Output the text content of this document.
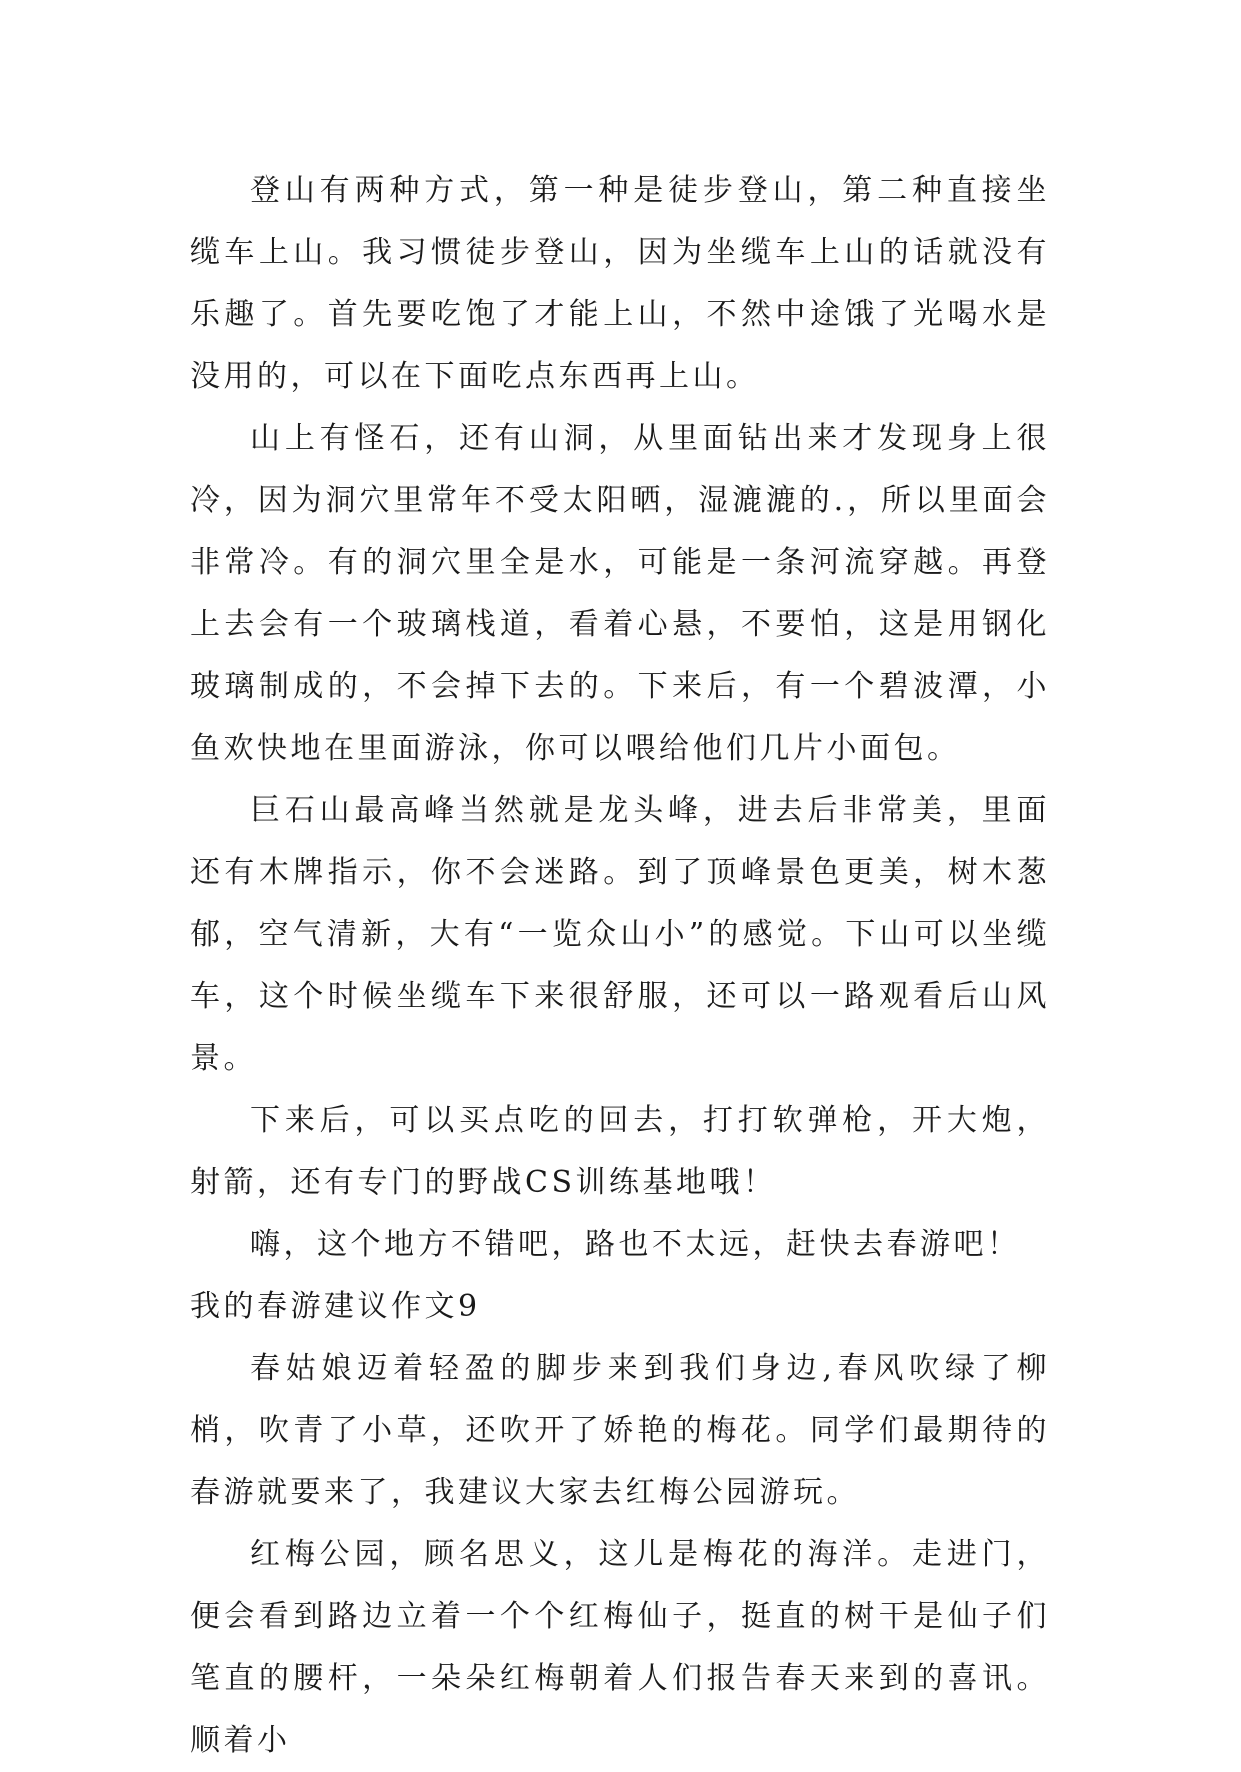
登山有两种方式，第一种是徒步登山，第二种直接坐缆车上山。我习惯徒步登山，因为坐缆车上山的话就没有乐趣了。首先要吃饱了才能上山，不然中途饿了光喝水是没用的，可以在下面吃点东西再上山。

山上有怪石，还有山洞，从里面钻出来才发现身上很冷，因为洞穴里常年不受太阳晒，湿漉漉的.，所以里面会非常冷。有的洞穴里全是水，可能是一条河流穿越。再登上去会有一个玻璃栈道，看着心悬，不要怕，这是用钢化玻璃制成的，不会掉下去的。下来后，有一个碧波潭，小鱼欢快地在里面游泳，你可以喂给他们几片小面包。

巨石山最高峰当然就是龙头峰，进去后非常美，里面还有木牌指示，你不会迷路。到了顶峰景色更美，树木葱郁，空气清新，大有“一览众山小”的感觉。下山可以坐缆车，这个时候坐缆车下来很舒服，还可以一路观看后山风景。

下来后，可以买点吃的回去，打打软弹枪，开大炮，射箭，还有专门的野战CS训练基地哦！

嗨，这个地方不错吧，路也不太远，赶快去春游吧！

我的春游建议作文9

春姑娘迈着轻盈的脚步来到我们身边,春风吹绿了柳梢，吹青了小草，还吹开了娇艳的梅花。同学们最期待的春游就要来了，我建议大家去红梅公园游玩。

红梅公园，顾名思义，这儿是梅花的海洋。走进门，便会看到路边立着一个个红梅仙子，挺直的树干是仙子们笔直的腰杆，一朵朵红梅朝着人们报告春天来到的喜讯。顺着小
